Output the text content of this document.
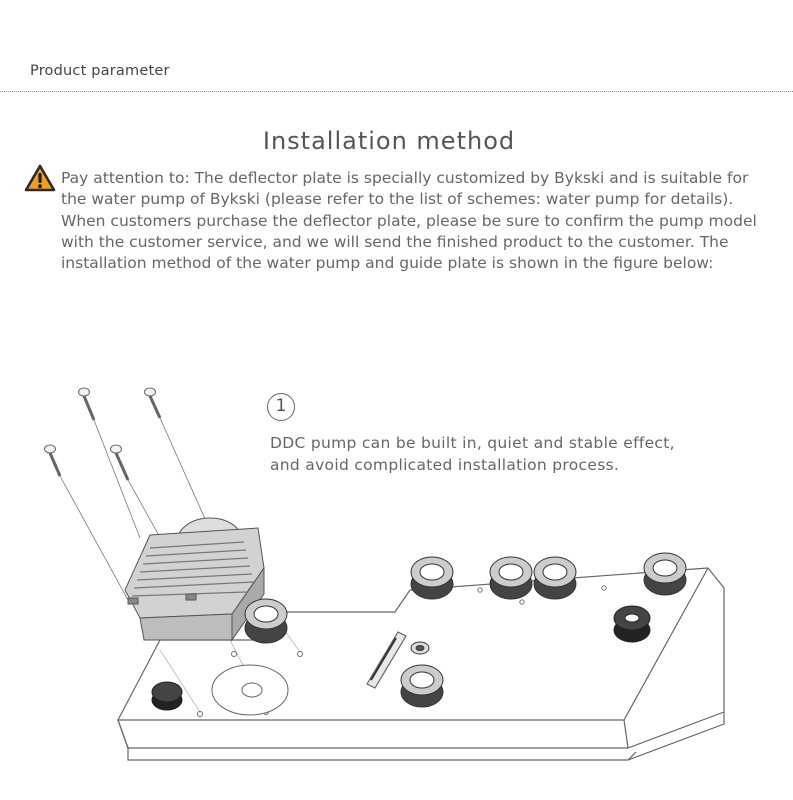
Product parameter
Installation method
Pay attention to: The deflector plate is specially customized by Bykski and is suitable for the water pump of Bykski (please refer to the list of schemes: water pump for details). When customers purchase the deflector plate, please be sure to confirm the pump model with the customer service, and we will send the finished product to the customer. The installation method of the water pump and guide plate is shown in the figure below:
1
DDC pump can be built in, quiet and stable effect,
and avoid complicated installation process.
